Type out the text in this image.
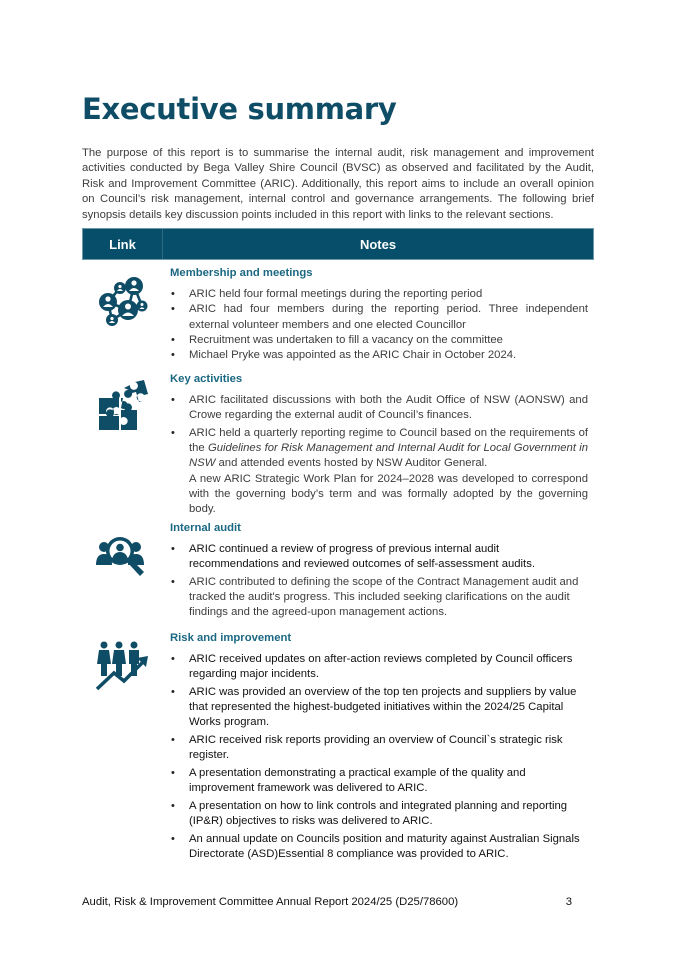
Executive summary

The purpose of this report is to summarise the internal audit, risk management and improvement activities conducted by Bega Valley Shire Council (BVSC) as observed and facilitated by the Audit, Risk and Improvement Committee (ARIC). Additionally, this report aims to include an overall opinion on Council’s risk management, internal control and governance arrangements. The following brief synopsis details key discussion points included in this report with links to the relevant sections.

Link	Notes
Membership and meetings
• ARIC held four formal meetings during the reporting period
• ARIC had four members during the reporting period. Three independent external volunteer members and one elected Councillor
• Recruitment was undertaken to fill a vacancy on the committee
• Michael Pryke was appointed as the ARIC Chair in October 2024.
Key activities
• ARIC facilitated discussions with both the Audit Office of NSW (AONSW) and Crowe regarding the external audit of Council’s finances.
• ARIC held a quarterly reporting regime to Council based on the requirements of the Guidelines for Risk Management and Internal Audit for Local Government in NSW and attended events hosted by NSW Auditor General.
A new ARIC Strategic Work Plan for 2024–2028 was developed to correspond with the governing body’s term and was formally adopted by the governing body.
Internal audit
• ARIC continued a review of progress of previous internal audit recommendations and reviewed outcomes of self-assessment audits.
• ARIC contributed to defining the scope of the Contract Management audit and tracked the audit's progress. This included seeking clarifications on the audit findings and the agreed-upon management actions.
Risk and improvement
• ARIC received updates on after-action reviews completed by Council officers regarding major incidents.
• ARIC was provided an overview of the top ten projects and suppliers by value that represented the highest-budgeted initiatives within the 2024/25 Capital Works program.
• ARIC received risk reports providing an overview of Council`s strategic risk register.
• A presentation demonstrating a practical example of the quality and improvement framework was delivered to ARIC.
• A presentation on how to link controls and integrated planning and reporting (IP&R) objectives to risks was delivered to ARIC.
• An annual update on Councils position and maturity against Australian Signals Directorate (ASD)Essential 8 compliance was provided to ARIC.
Audit, Risk & Improvement Committee Annual Report 2024/25 (D25/78600)	3
